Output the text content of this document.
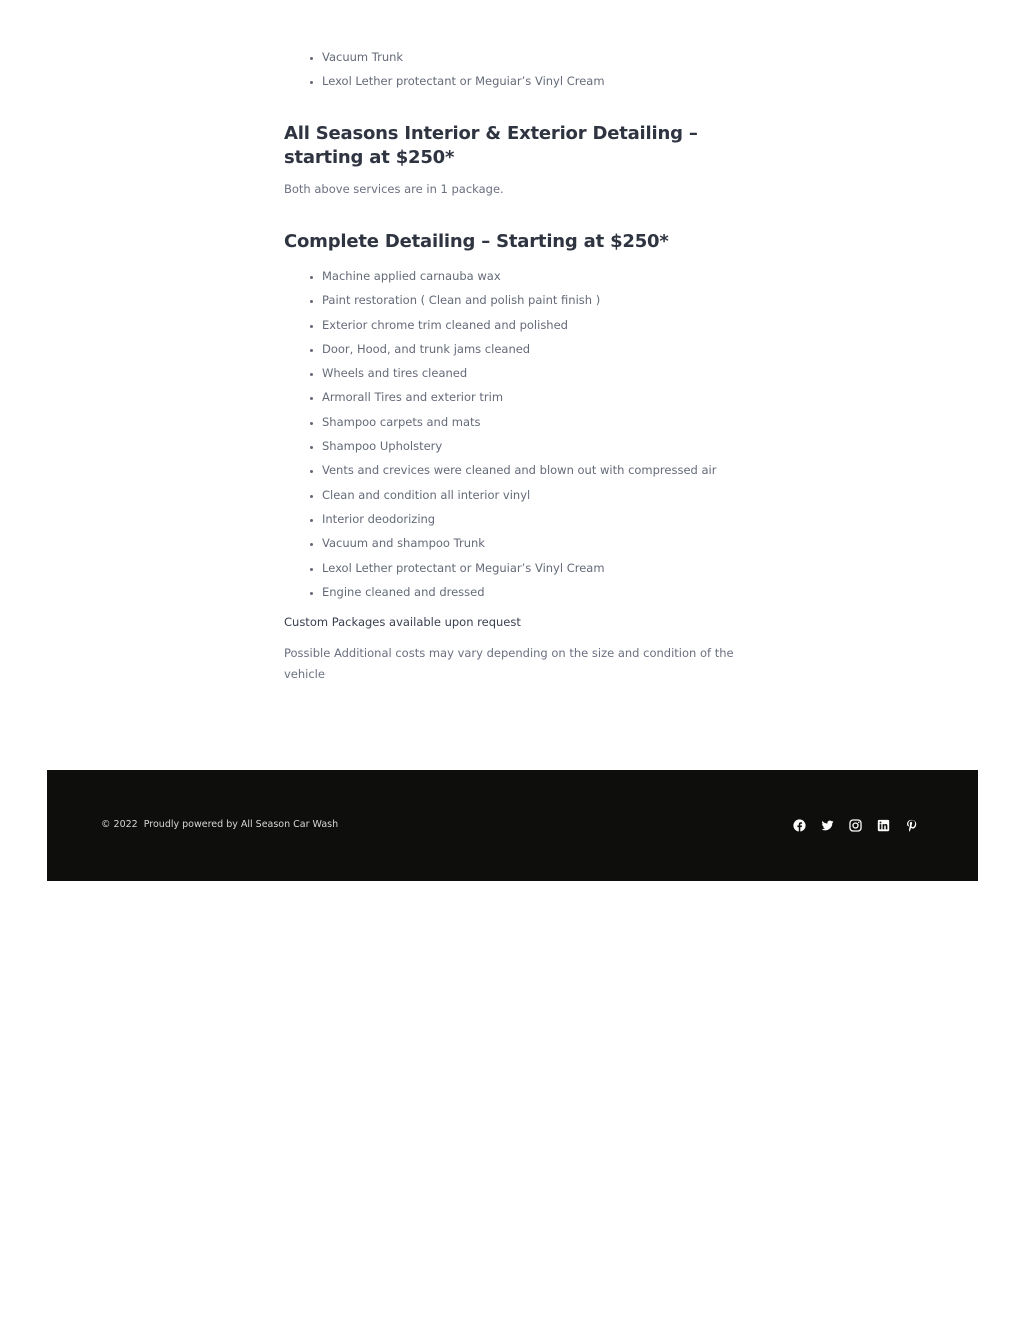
• Vacuum Trunk
• Lexol Lether protectant or Meguiar’s Vinyl Cream
All Seasons Interior & Exterior Detailing – starting at $250*

Both above services are in 1 package.

Complete Detailing – Starting at $250*
• Machine applied carnauba wax
• Paint restoration ( Clean and polish paint finish )
• Exterior chrome trim cleaned and polished
• Door, Hood, and trunk jams cleaned
• Wheels and tires cleaned
• Armorall Tires and exterior trim
• Shampoo carpets and mats
• Shampoo Upholstery
• Vents and crevices were cleaned and blown out with compressed air
• Clean and condition all interior vinyl
• Interior deodorizing
• Vacuum and shampoo Trunk
• Lexol Lether protectant or Meguiar’s Vinyl Cream
• Engine cleaned and dressed

Custom Packages available upon request

Possible Additional costs may vary depending on the size and condition of the vehicle

© 2022  Proudly powered by All Season Car Wash
